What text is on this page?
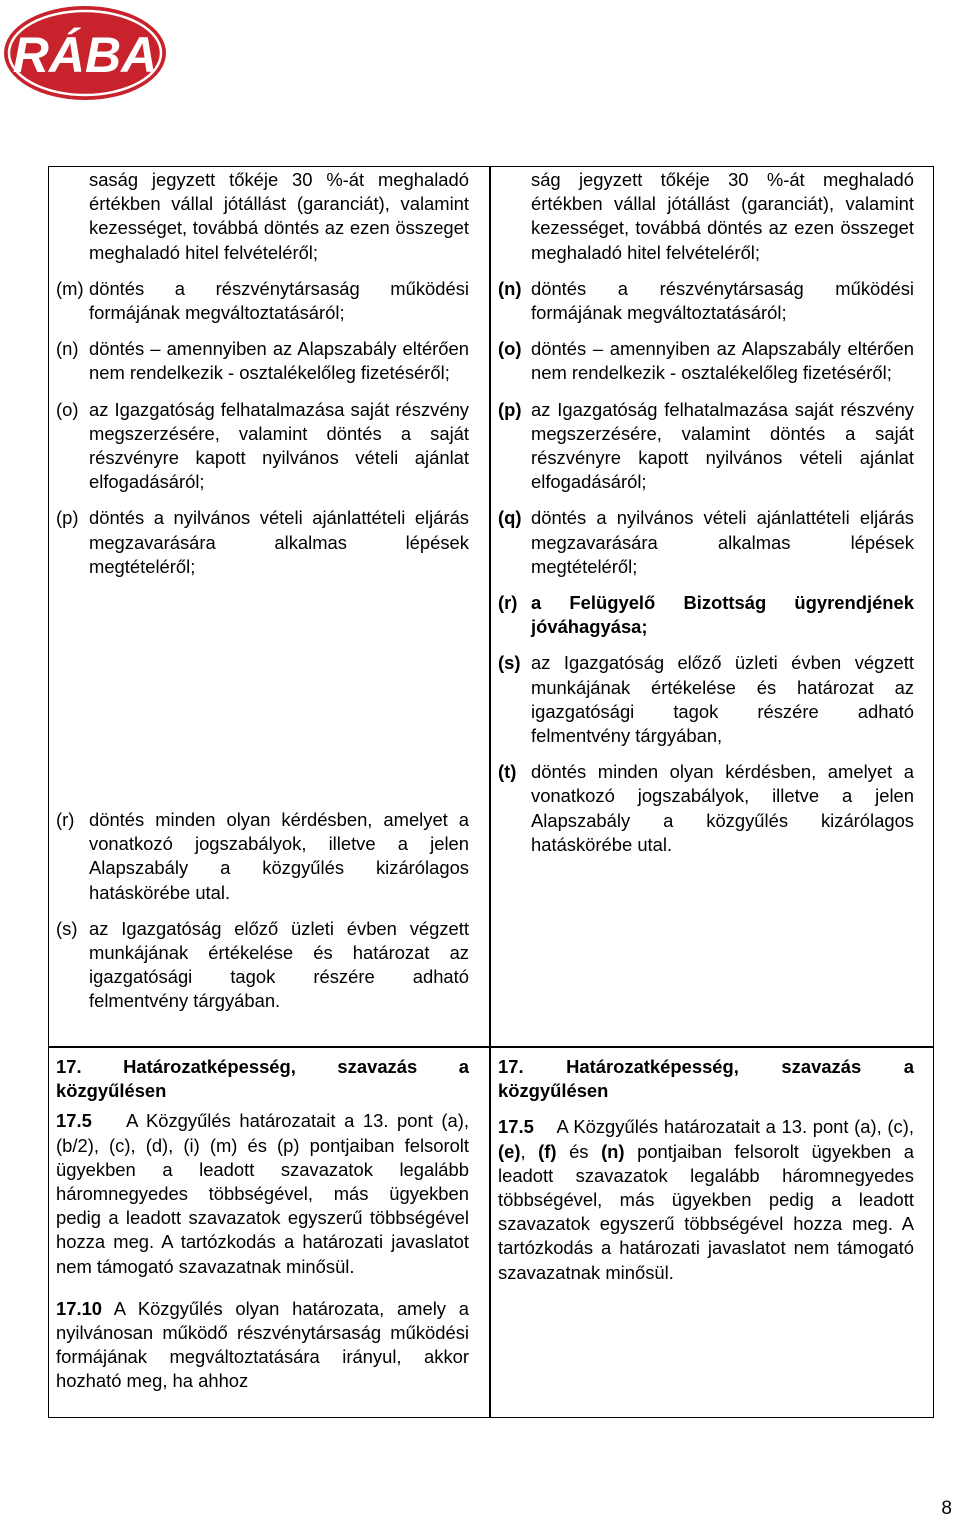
RÁBA

saság jegyzett tőkéje 30 %-át meghaladó értékben vállal jótállást (garanciát), valamint kezességet, továbbá döntés az ezen összeget meghaladó hitel felvételéről;

(m) döntés a részvénytársaság működési formájának megváltoztatásáról;
(n) döntés – amennyiben az Alapszabály eltérően nem rendelkezik - osztalékelőleg fizetéséről;
(o) az Igazgatóság felhatalmazása saját részvény megszerzésére, valamint döntés a saját részvényre kapott nyilvános vételi ajánlat elfogadásáról;
(p) döntés a nyilvános vételi ajánlattételi eljárás megzavarására alkalmas lépések megtételéről;
(r) döntés minden olyan kérdésben, amelyet a vonatkozó jogszabályok, illetve a jelen Alapszabály a közgyűlés kizárólagos hatáskörébe utal.
(s) az Igazgatóság előző üzleti évben végzett munkájának értékelése és határozat az igazgatósági tagok részére adható felmentvény tárgyában.

ság jegyzett tőkéje 30 %-át meghaladó értékben vállal jótállást (garanciát), valamint kezességet, továbbá döntés az ezen összeget meghaladó hitel felvételéről;

(n) döntés a részvénytársaság működési formájának megváltoztatásáról;
(o) döntés – amennyiben az Alapszabály eltérően nem rendelkezik - osztalékelőleg fizetéséről;
(p) az Igazgatóság felhatalmazása saját részvény megszerzésére, valamint döntés a saját részvényre kapott nyilvános vételi ajánlat elfogadásáról;
(q) döntés a nyilvános vételi ajánlattételi eljárás megzavarására alkalmas lépések megtételéről;
(r) a Felügyelő Bizottság ügyrendjének jóváhagyása;
(s) az Igazgatóság előző üzleti évben végzett munkájának értékelése és határozat az igazgatósági tagok részére adható felmentvény tárgyában,
(t) döntés minden olyan kérdésben, amelyet a vonatkozó jogszabályok, illetve a jelen Alapszabály a közgyűlés kizárólagos hatáskörébe utal.

17. Határozatképesség, szavazás a közgyűlésen

17.5 A Közgyűlés határozatait a 13. pont (a), (b/2), (c), (d), (i) (m) és (p) pontjaiban felsorolt ügyekben a leadott szavazatok legalább háromnegyedes többségével, más ügyekben pedig a leadott szavazatok egyszerű többségével hozza meg. A tartózkodás a határozati javaslatot nem támogató szavazatnak minősül.

17.10 A Közgyűlés olyan határozata, amely a nyilvánosan működő részvénytársaság működési formájának megváltoztatására irányul, akkor hozható meg, ha ahhoz

17. Határozatképesség, szavazás a közgyűlésen

17.5 A Közgyűlés határozatait a 13. pont (a), (c), (e), (f) és (n) pontjaiban felsorolt ügyekben a leadott szavazatok legalább háromnegyedes többségével, más ügyekben pedig a leadott szavazatok egyszerű többségével hozza meg. A tartózkodás a határozati javaslatot nem támogató szavazatnak minősül.

8
